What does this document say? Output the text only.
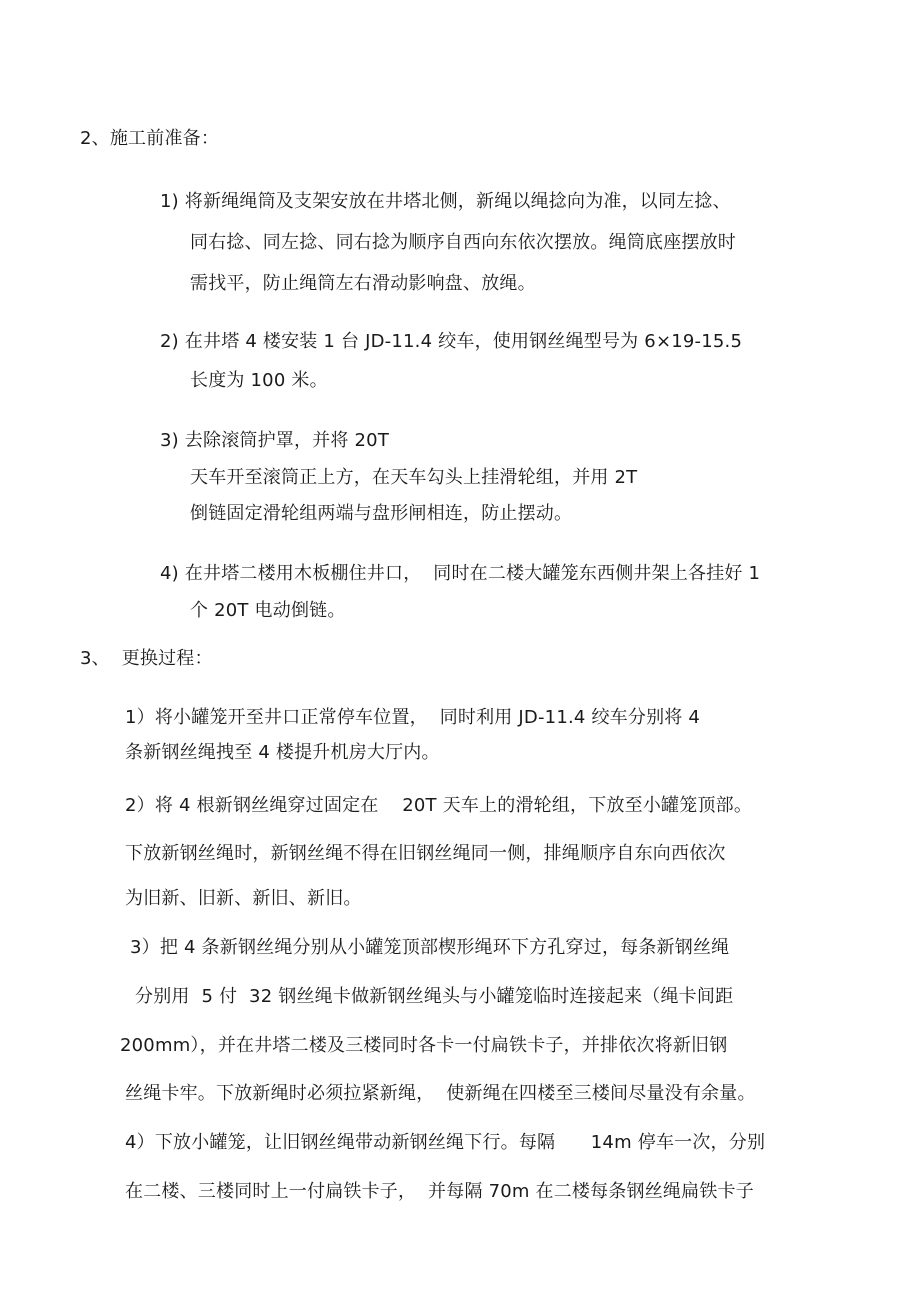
2、施工前准备：

1) 将新绳绳筒及支架安放在井塔北侧，新绳以绳捻向为准，以同左捻、

同右捻、同左捻、同右捻为顺序自西向东依次摆放。绳筒底座摆放时

需找平，防止绳筒左右滑动影响盘、放绳。

2) 在井塔 4 楼安装 1 台 JD-11.4 绞车，使用钢丝绳型号为 6×19-15.5

长度为 100 米。

3) 去除滚筒护罩，并将 20T

天车开至滚筒正上方，在天车勾头上挂滑轮组，并用 2T

倒链固定滑轮组两端与盘形闸相连，防止摆动。

4) 在井塔二楼用木板棚住井口，  同时在二楼大罐笼东西侧井架上各挂好 1

个 20T 电动倒链。

3、  更换过程：

1）将小罐笼开至井口正常停车位置，  同时利用 JD-11.4 绞车分别将 4

条新钢丝绳拽至 4 楼提升机房大厅内。

2）将 4 根新钢丝绳穿过固定在    20T 天车上的滑轮组，下放至小罐笼顶部。

下放新钢丝绳时，新钢丝绳不得在旧钢丝绳同一侧，排绳顺序自东向西依次

为旧新、旧新、新旧、新旧。

3）把 4 条新钢丝绳分别从小罐笼顶部楔形绳环下方孔穿过，每条新钢丝绳

分别用  5 付  32 钢丝绳卡做新钢丝绳头与小罐笼临时连接起来（绳卡间距

200mm），并在井塔二楼及三楼同时各卡一付扁铁卡子，并排依次将新旧钢

丝绳卡牢。下放新绳时必须拉紧新绳，  使新绳在四楼至三楼间尽量没有余量。

4）下放小罐笼，让旧钢丝绳带动新钢丝绳下行。每隔      14m 停车一次，分别

在二楼、三楼同时上一付扁铁卡子，  并每隔 70m 在二楼每条钢丝绳扁铁卡子
